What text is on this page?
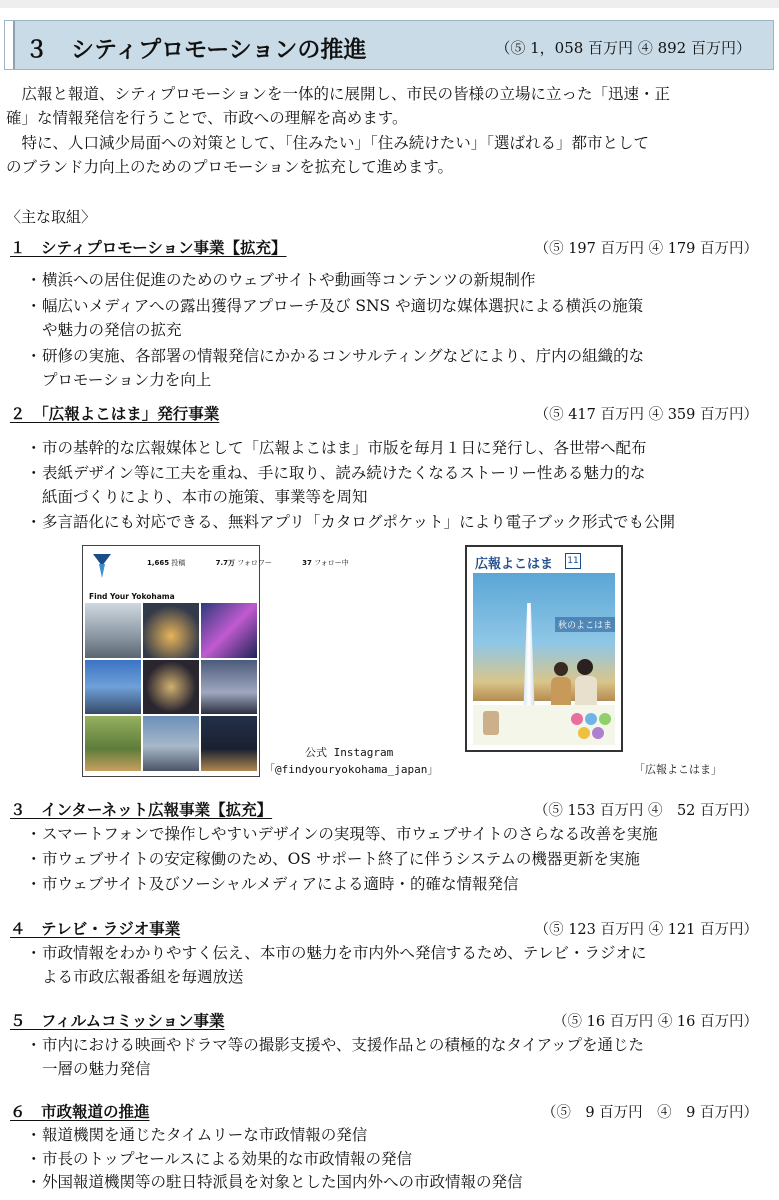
３　シティプロモーションの推進	（⑤ 1，058 百万円 ④ 892 百万円）
　広報と報道、シティプロモーションを一体的に展開し、市民の皆様の立場に立った「迅速・正
確」な情報発信を行うことで、市政への理解を高めます。
　特に、人口減少局面への対策として、「住みたい」「住み続けたい」「選ばれる」都市として
のブランド力向上のためのプロモーションを拡充して進めます。
〈主な取組〉
１　シティプロモーション事業【拡充】	（⑤ 197 百万円 ④ 179 百万円）
・横浜への居住促進のためのウェブサイトや動画等コンテンツの新規制作
・幅広いメディアへの露出獲得アプローチ及び SNS や適切な媒体選択による横浜の施策
や魅力の発信の拡充
・研修の実施、各部署の情報発信にかかるコンサルティングなどにより、庁内の組織的な
プロモーション力を向上
２　「広報よこはま」発行事業	（⑤ 417 百万円 ④ 359 百万円）
・市の基幹的な広報媒体として「広報よこはま」市版を毎月１日に発行し、各世帯へ配布
・表紙デザイン等に工夫を重ね、手に取り、読み続けたくなるストーリー性ある魅力的な
紙面づくりにより、本市の施策、事業等を周知
・多言語化にも対応できる、無料アプリ「カタログポケット」により電子ブック形式でも公開
1,665 投稿	7.7万 フォロワー	37 フォロー中
Find Your Yokohama
公式 Instagram
「@findyouryokohama_japan」
広報よこはま 11
秋のよこはま
「広報よこはま」
３　インターネット広報事業【拡充】	（⑤ 153 百万円 ④　52 百万円）
・スマートフォンで操作しやすいデザインの実現等、市ウェブサイトのさらなる改善を実施
・市ウェブサイトの安定稼働のため、OS サポート終了に伴うシステムの機器更新を実施
・市ウェブサイト及びソーシャルメディアによる適時・的確な情報発信
４　テレビ・ラジオ事業	（⑤ 123 百万円 ④ 121 百万円）
・市政情報をわかりやすく伝え、本市の魅力を市内外へ発信するため、テレビ・ラジオに
よる市政広報番組を毎週放送
５　フィルムコミッション事業	（⑤ 16 百万円 ④ 16 百万円）
・市内における映画やドラマ等の撮影支援や、支援作品との積極的なタイアップを通じた
一層の魅力発信
６　市政報道の推進	（⑤　9 百万円　④　9 百万円）
・報道機関を通じたタイムリーな市政情報の発信
・市長のトップセールスによる効果的な市政情報の発信
・外国報道機関等の駐日特派員を対象とした国内外への市政情報の発信
